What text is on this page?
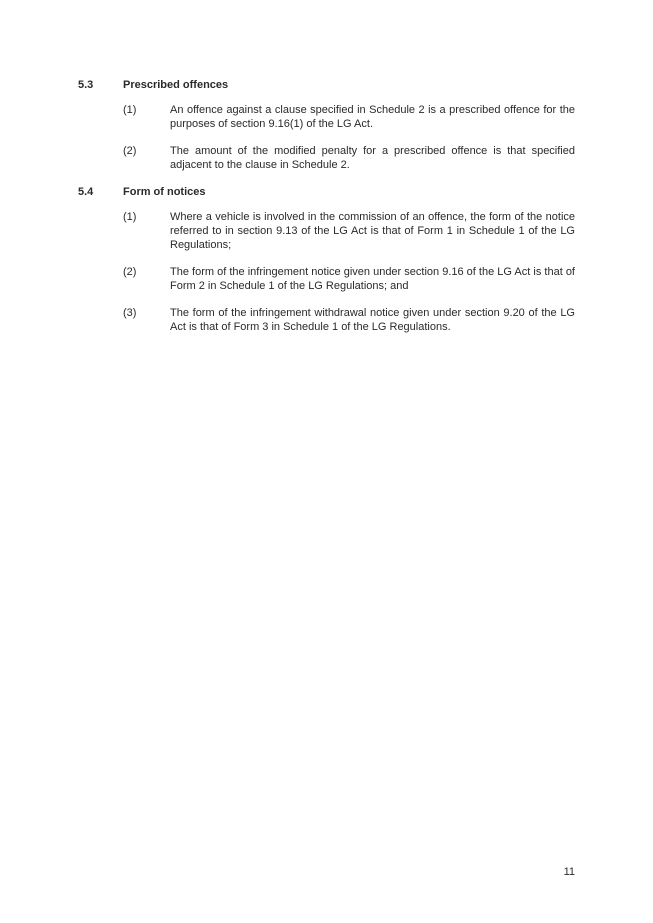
5.3	Prescribed offences
(1)	An offence against a clause specified in Schedule 2 is a prescribed offence for the purposes of section 9.16(1) of the LG Act.
(2)	The amount of the modified penalty for a prescribed offence is that specified adjacent to the clause in Schedule 2.
5.4	Form of notices
(1)	Where a vehicle is involved in the commission of an offence, the form of the notice referred to in section 9.13 of the LG Act is that of Form 1 in Schedule 1 of the LG Regulations;
(2)	The form of the infringement notice given under section 9.16 of the LG Act is that of Form 2 in Schedule 1 of the LG Regulations; and
(3)	The form of the infringement withdrawal notice given under section 9.20 of the LG Act is that of Form 3 in Schedule 1 of the LG Regulations.
11
